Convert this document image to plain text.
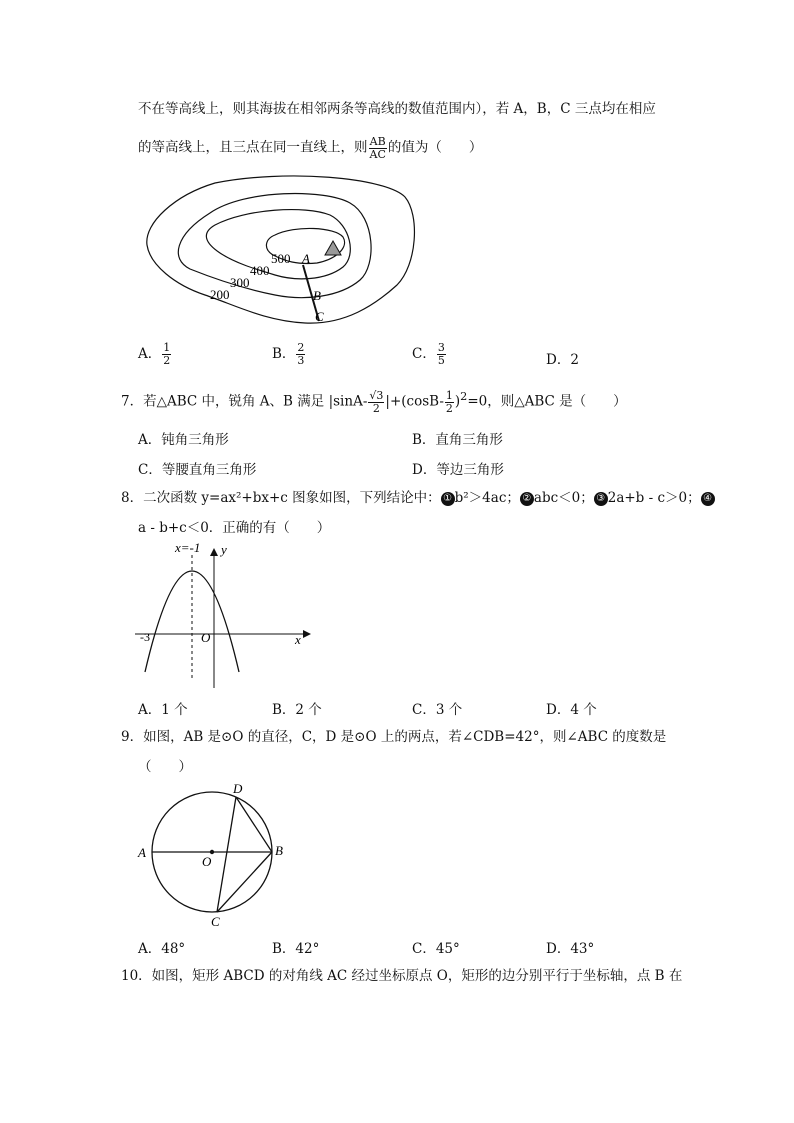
不在等高线上，则其海拔在相邻两条等高线的数值范围内），若 A，B，C 三点均在相应
的等高线上，且三点在同一直线上，则 $\frac{AB}{AC}$ 的值为（　　）
500
400
300
200
A
B
C
A． $\frac{1}{2}$	B． $\frac{2}{3}$	C． $\frac{3}{5}$	D．2
7．若△ABC 中，锐角 A、B 满足 $|\sin A- \frac{√3}{2} |+(\cos B- \frac{1}{2} )^2=0$，则△ABC 是（　　）
A．钝角三角形	B．直角三角形
C．等腰直角三角形	D．等边三角形
8．二次函数 y=ax²+bx+c 图象如图，下列结论中： ① b²＞4ac； ② abc＜0； ③ 2a+b - c＞0； ④
a - b+c＜0．正确的有（　　）
x=-1 y
x
O
-3
A．1 个	B．2 个	C．3 个	D．4 个
9．如图，AB 是⊙O 的直径，C，D 是⊙O 上的两点，若∠CDB=42°，则∠ABC 的度数是
（　　）
A	B
C
D
O
A．48°	B．42°	C．45°	D．43°
10．如图，矩形 ABCD 的对角线 AC 经过坐标原点 O，矩形的边分别平行于坐标轴，点 B 在
